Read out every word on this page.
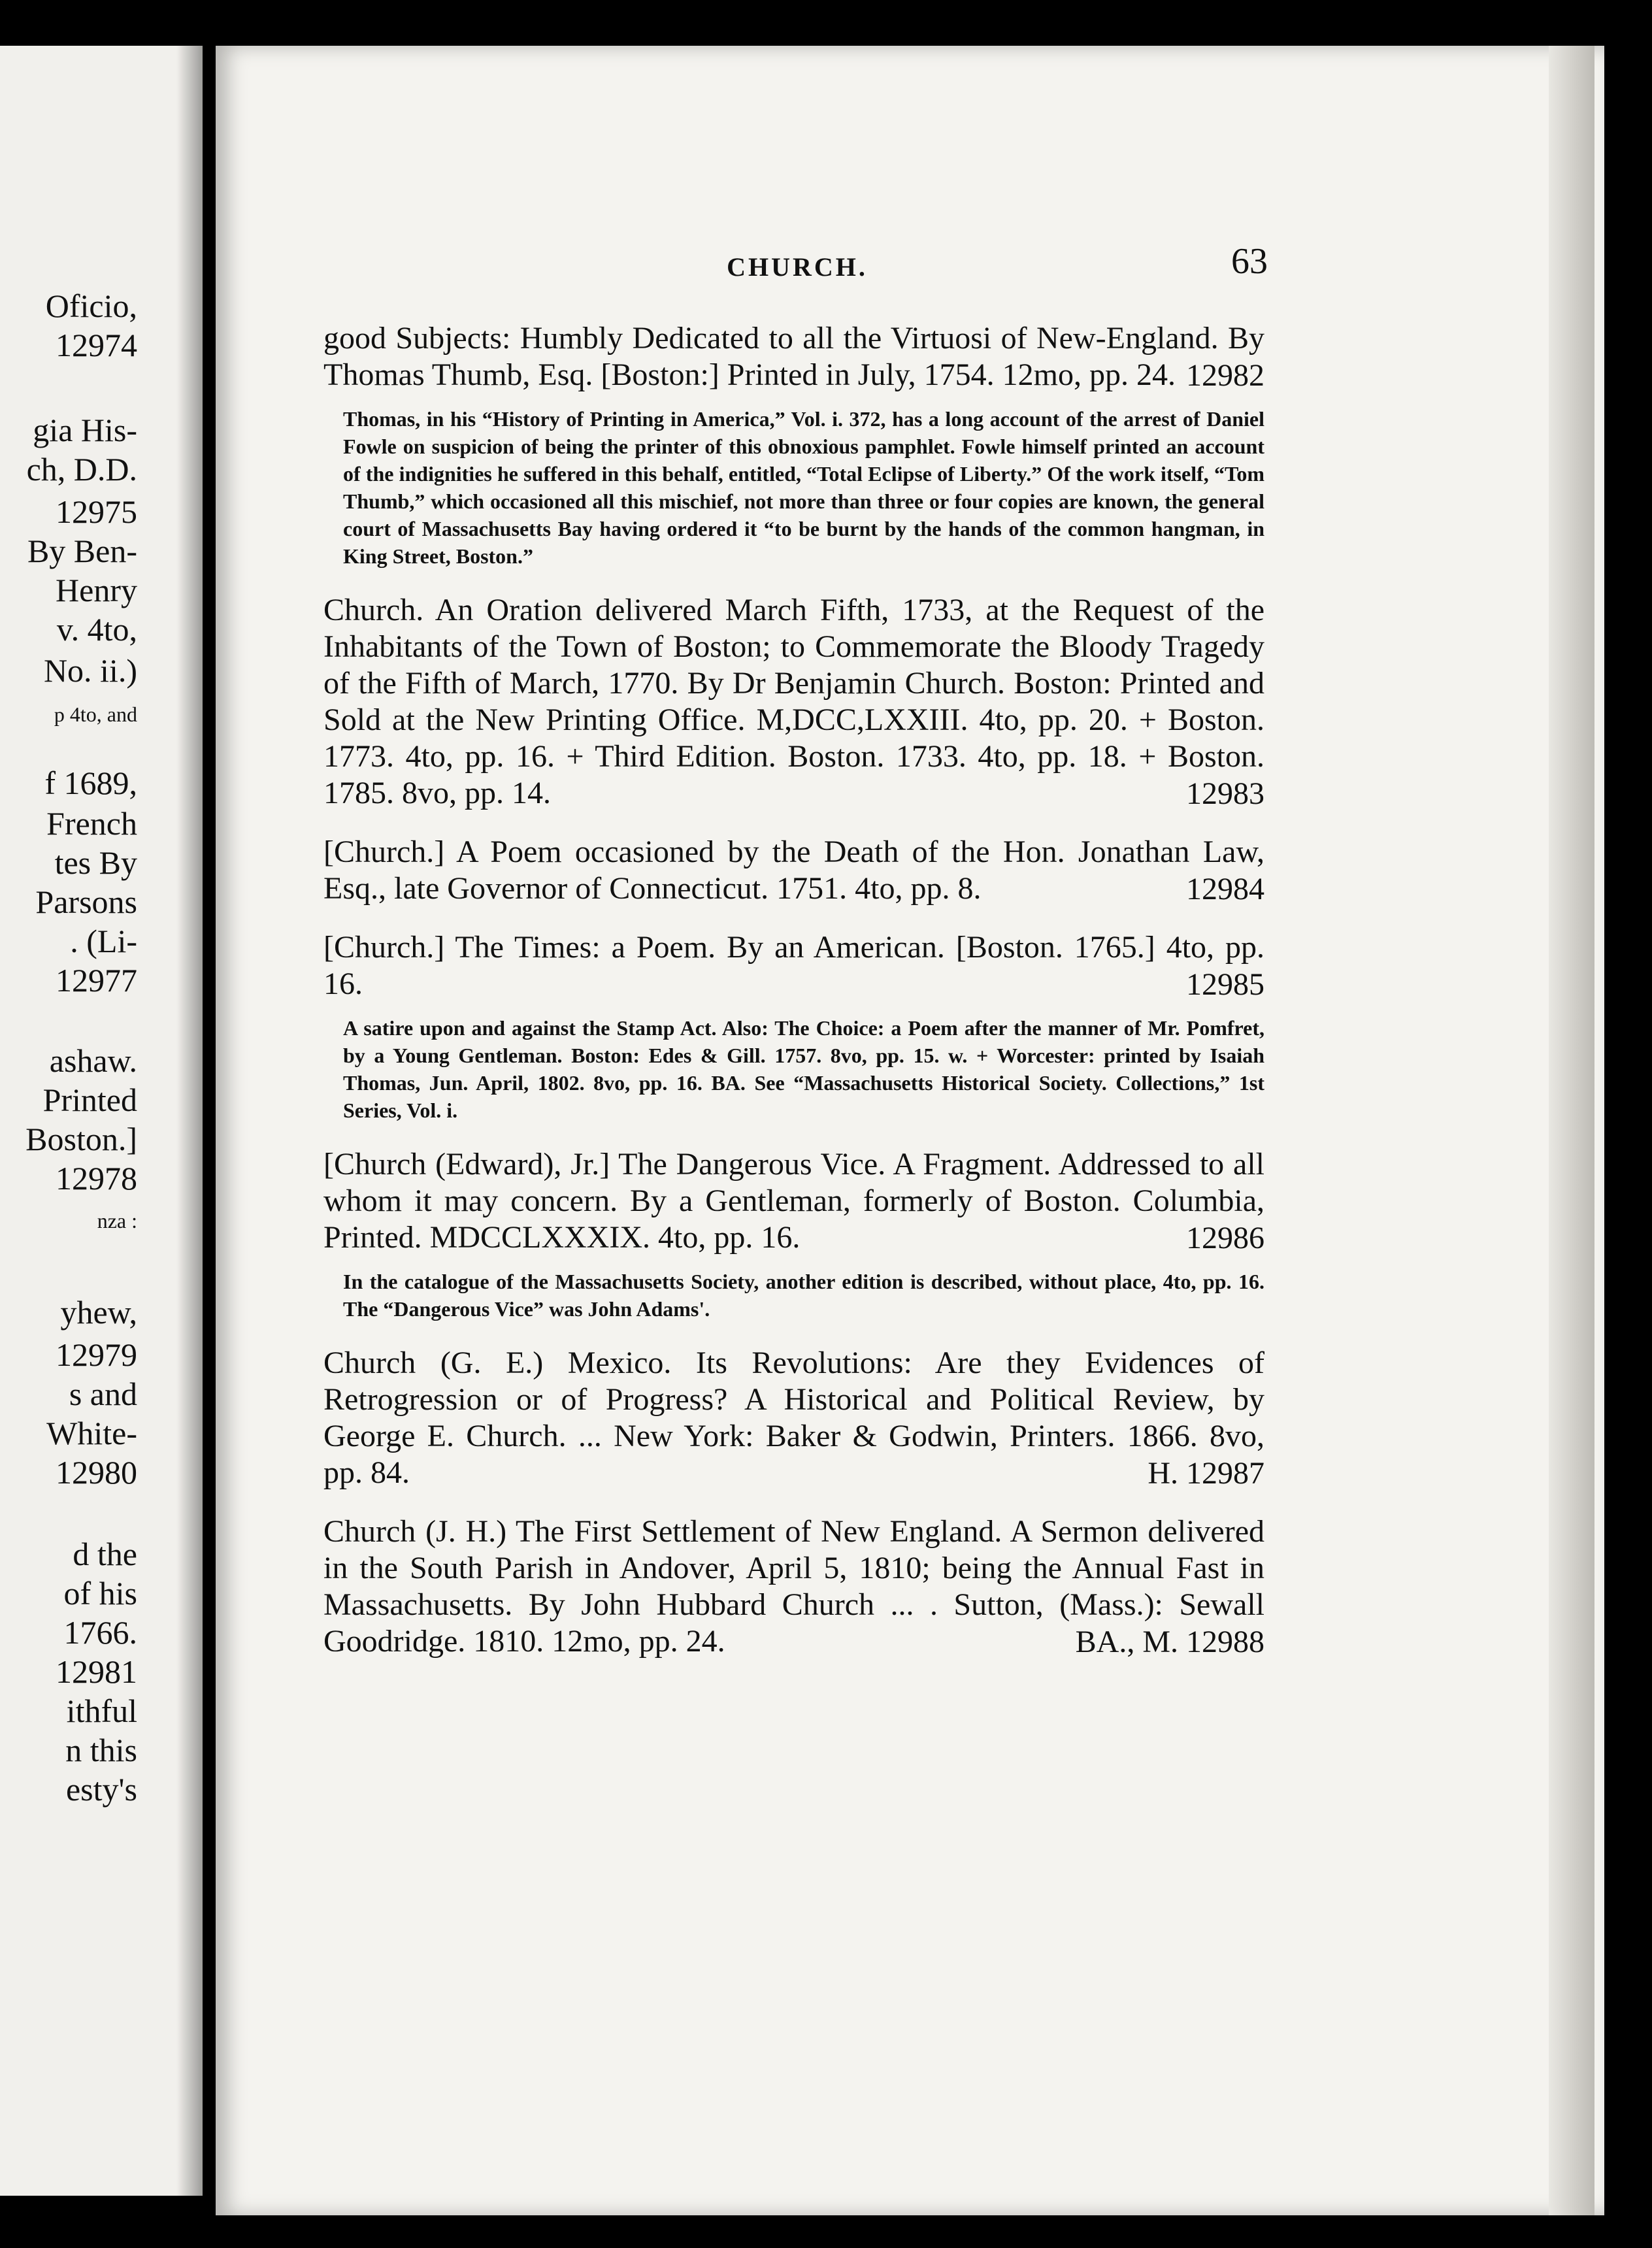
Oficio,
12974
gia His-
ch, D.D.
12975
By Ben-
Henry
v. 4to,
No. ii.)
p 4to, and
f 1689,
French
tes By
Parsons
. (Li-
12977
ashaw.
Printed
Boston.]
12978
nza :
yhew,
12979
s and
White-
12980
d the
of his
1766.
12981
ithful
n this
esty's
CHURCH.	63
good Subjects: Humbly Dedicated to all the Virtuosi of New-England. By Thomas Thumb, Esq. [Boston:] Printed in July, 1754. 12mo, pp. 24. 12982
Thomas, in his “History of Printing in America,” Vol. i. 372, has a long account of the arrest of Daniel Fowle on suspicion of being the printer of this obnoxious pamphlet. Fowle himself printed an account of the indignities he suffered in this behalf, entitled, “Total Eclipse of Liberty.” Of the work itself, “Tom Thumb,” which occasioned all this mischief, not more than three or four copies are known, the general court of Massachusetts Bay having ordered it “to be burnt by the hands of the common hangman, in King Street, Boston.”
Church. An Oration delivered March Fifth, 1733, at the Request of the Inhabitants of the Town of Boston; to Commemorate the Bloody Tragedy of the Fifth of March, 1770. By Dr Benjamin Church. Boston: Printed and Sold at the New Printing Office. M,DCC,LXXIII. 4to, pp. 20. + Boston. 1773. 4to, pp. 16. + Third Edition. Boston. 1733. 4to, pp. 18. + Boston. 1785. 8vo, pp. 14.	12983
[Church.] A Poem occasioned by the Death of the Hon. Jonathan Law, Esq., late Governor of Connecticut. 1751. 4to, pp. 8.	12984
[Church.] The Times: a Poem. By an American. [Boston. 1765.] 4to, pp. 16.	12985
A satire upon and against the Stamp Act. Also: The Choice: a Poem after the manner of Mr. Pomfret, by a Young Gentleman. Boston: Edes & Gill. 1757. 8vo, pp. 15. w. + Worcester: printed by Isaiah Thomas, Jun. April, 1802. 8vo, pp. 16. BA. See “Massachusetts Historical Society. Collections,” 1st Series, Vol. i.
[Church (Edward), Jr.] The Dangerous Vice. A Fragment. Addressed to all whom it may concern. By a Gentleman, formerly of Boston. Columbia, Printed. MDCCLXXXIX. 4to, pp. 16.	12986
In the catalogue of the Massachusetts Society, another edition is described, without place, 4to, pp. 16. The “Dangerous Vice” was John Adams'.
Church (G. E.) Mexico. Its Revolutions: Are they Evidences of Retrogression or of Progress? A Historical and Political Review, by George E. Church. ... New York: Baker & Godwin, Printers. 1866. 8vo, pp. 84.	H. 12987
Church (J. H.) The First Settlement of New England. A Sermon delivered in the South Parish in Andover, April 5, 1810; being the Annual Fast in Massachusetts. By John Hubbard Church ... . Sutton, (Mass.): Sewall Goodridge. 1810. 12mo, pp. 24.	BA., M. 12988
